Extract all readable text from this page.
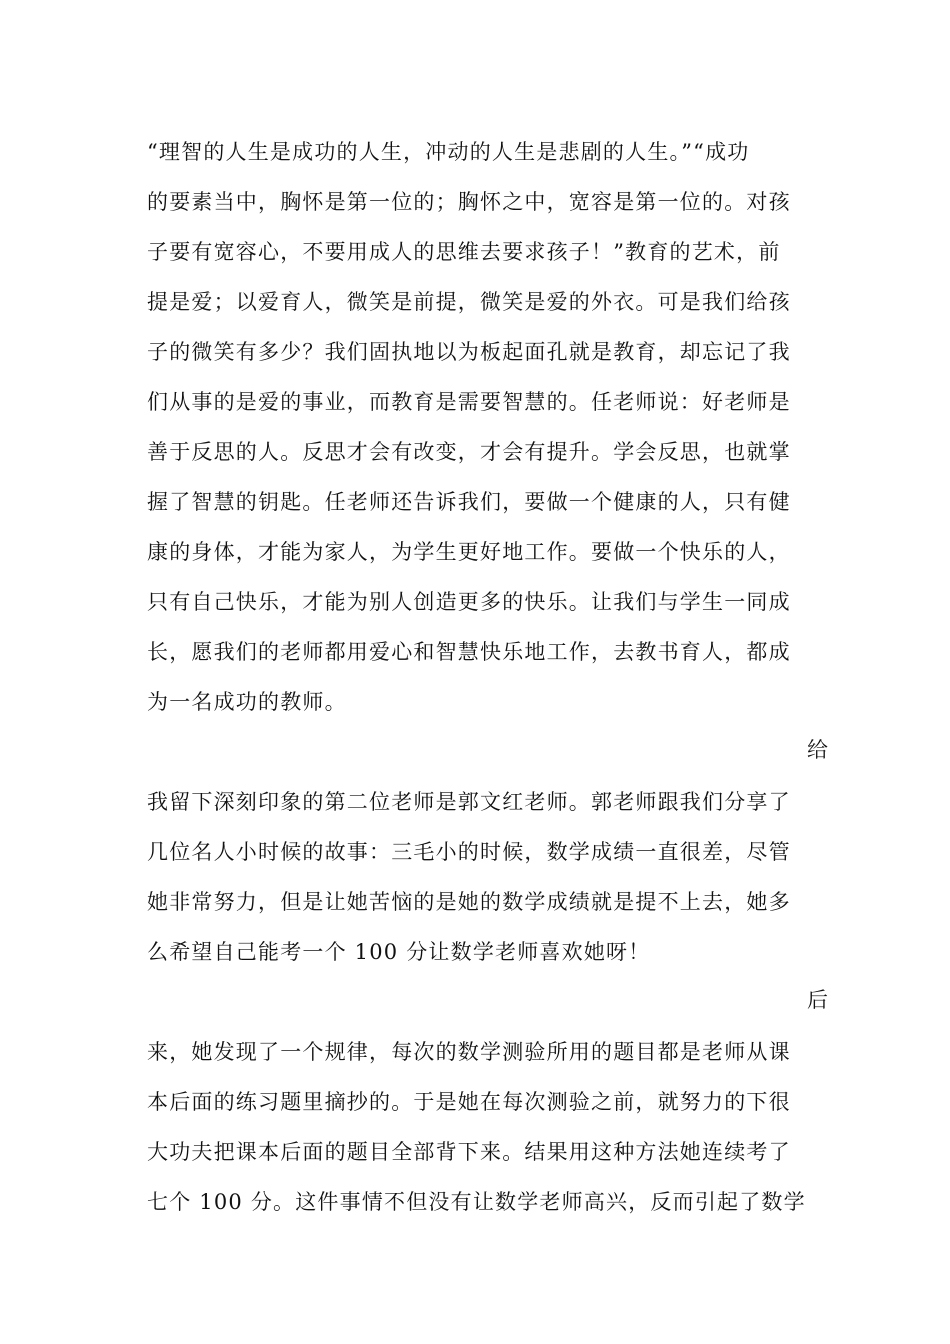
“理智的人生是成功的人生，冲动的人生是悲剧的人生。”“成功
的要素当中，胸怀是第一位的；胸怀之中，宽容是第一位的。对孩
子要有宽容心，不要用成人的思维去要求孩子！”教育的艺术，前
提是爱；以爱育人，微笑是前提，微笑是爱的外衣。可是我们给孩
子的微笑有多少？我们固执地以为板起面孔就是教育，却忘记了我
们从事的是爱的事业，而教育是需要智慧的。任老师说：好老师是
善于反思的人。反思才会有改变，才会有提升。学会反思，也就掌
握了智慧的钥匙。任老师还告诉我们，要做一个健康的人，只有健
康的身体，才能为家人，为学生更好地工作。要做一个快乐的人，
只有自己快乐，才能为别人创造更多的快乐。让我们与学生一同成
长，愿我们的老师都用爱心和智慧快乐地工作，去教书育人，都成
为一名成功的教师。
给
我留下深刻印象的第二位老师是郭文红老师。郭老师跟我们分享了
几位名人小时候的故事：三毛小的时候，数学成绩一直很差，尽管
她非常努力，但是让她苦恼的是她的数学成绩就是提不上去，她多
么希望自己能考一个 100 分让数学老师喜欢她呀！
后
来，她发现了一个规律，每次的数学测验所用的题目都是老师从课
本后面的练习题里摘抄的。于是她在每次测验之前，就努力的下很
大功夫把课本后面的题目全部背下来。结果用这种方法她连续考了
七个 100 分。这件事情不但没有让数学老师高兴，反而引起了数学
